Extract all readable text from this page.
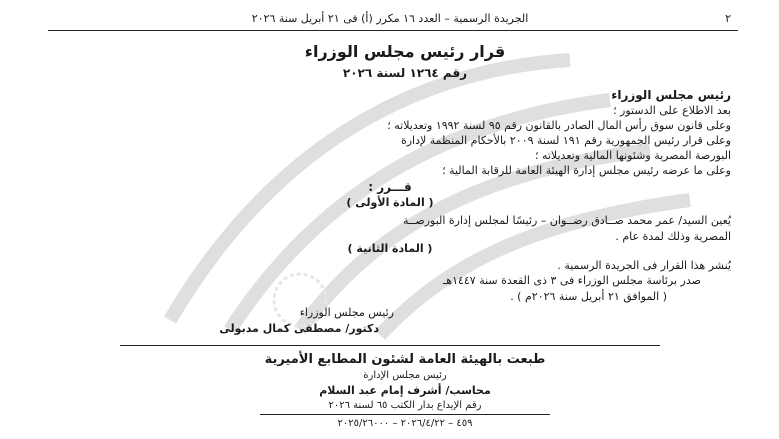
٢
الجريدة الرسمية – العدد ١٦ مكرر (أ) فى ٢١ أبريل سنة ٢٠٢٦
قرار رئيس مجلس الوزراء
رقم ١٢٦٤ لسنة ٢٠٢٦
رئيس مجلس الوزراء
بعد الاطلاع على الدستور ؛
وعلى قانون سوق رأس المال الصادر بالقانون رقم ٩٥ لسنة ١٩٩٢ وتعديلاته ؛
وعلى قرار رئيس الجمهورية رقم ١٩١ لسنة ٢٠٠٩ بالأحكام المنظمة لإدارة
البورصة المصرية وشئونها المالية وتعديلاته ؛
وعلى ما عرضه رئيس مجلس إدارة الهيئة العامة للرقابة المالية ؛
قـــرر :
( المادة الأولى )
يُعين السيد/ عمر محمد صــادق رضــوان – رئيسًا لمجلس إدارة البورصــة
المصرية وذلك لمدة عام .
( المادة الثانية )
يُنشر هذا القرار فى الجريدة الرسمية .
صدر برئاسة مجلس الوزراء فى ٣ ذى القعدة سنة ١٤٤٧هـ
( الموافق ٢١ أبريل سنة ٢٠٢٦م ) .
رئيس مجلس الوزراء
دكتور/ مصطفى كمال مدبولى
طبعت بالهيئة العامة لشئون المطابع الأميرية
رئيس مجلس الإدارة
محاسب/ أشرف إمام عبد السلام
رقم الإيداع بدار الكتب ٦٥ لسنة ٢٠٢٦
٤٥٩ – ٢٠٢٦/٤/٢٢ – ٢٠٢٥/٢٦٠٠٠
